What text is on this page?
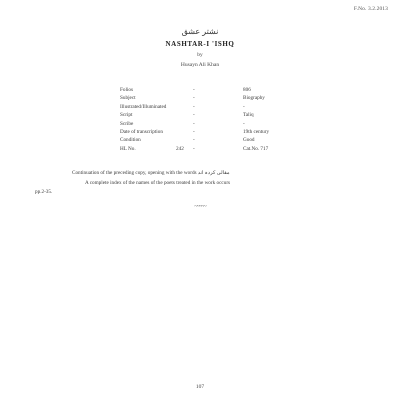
F.No. 3.2.2013
نشتر عشق
NASHTAR-I 'ISHQ
by
Husayn Ali Khan
Folios	-	806
Subject	-	Biography
Illustrated/Illuminated	-	-
Script	-	Taliq
Scribe	-	-
Date of transcription	-	19th century
Condition	-	Good
HL No.	242 -	Cat.No. 717
Continuation of the preceding copy, opening with the words مقالی کردہ اند
A complete index of the names of the poets treated in the work occurs
pp.2-35.
~~~~~
107
